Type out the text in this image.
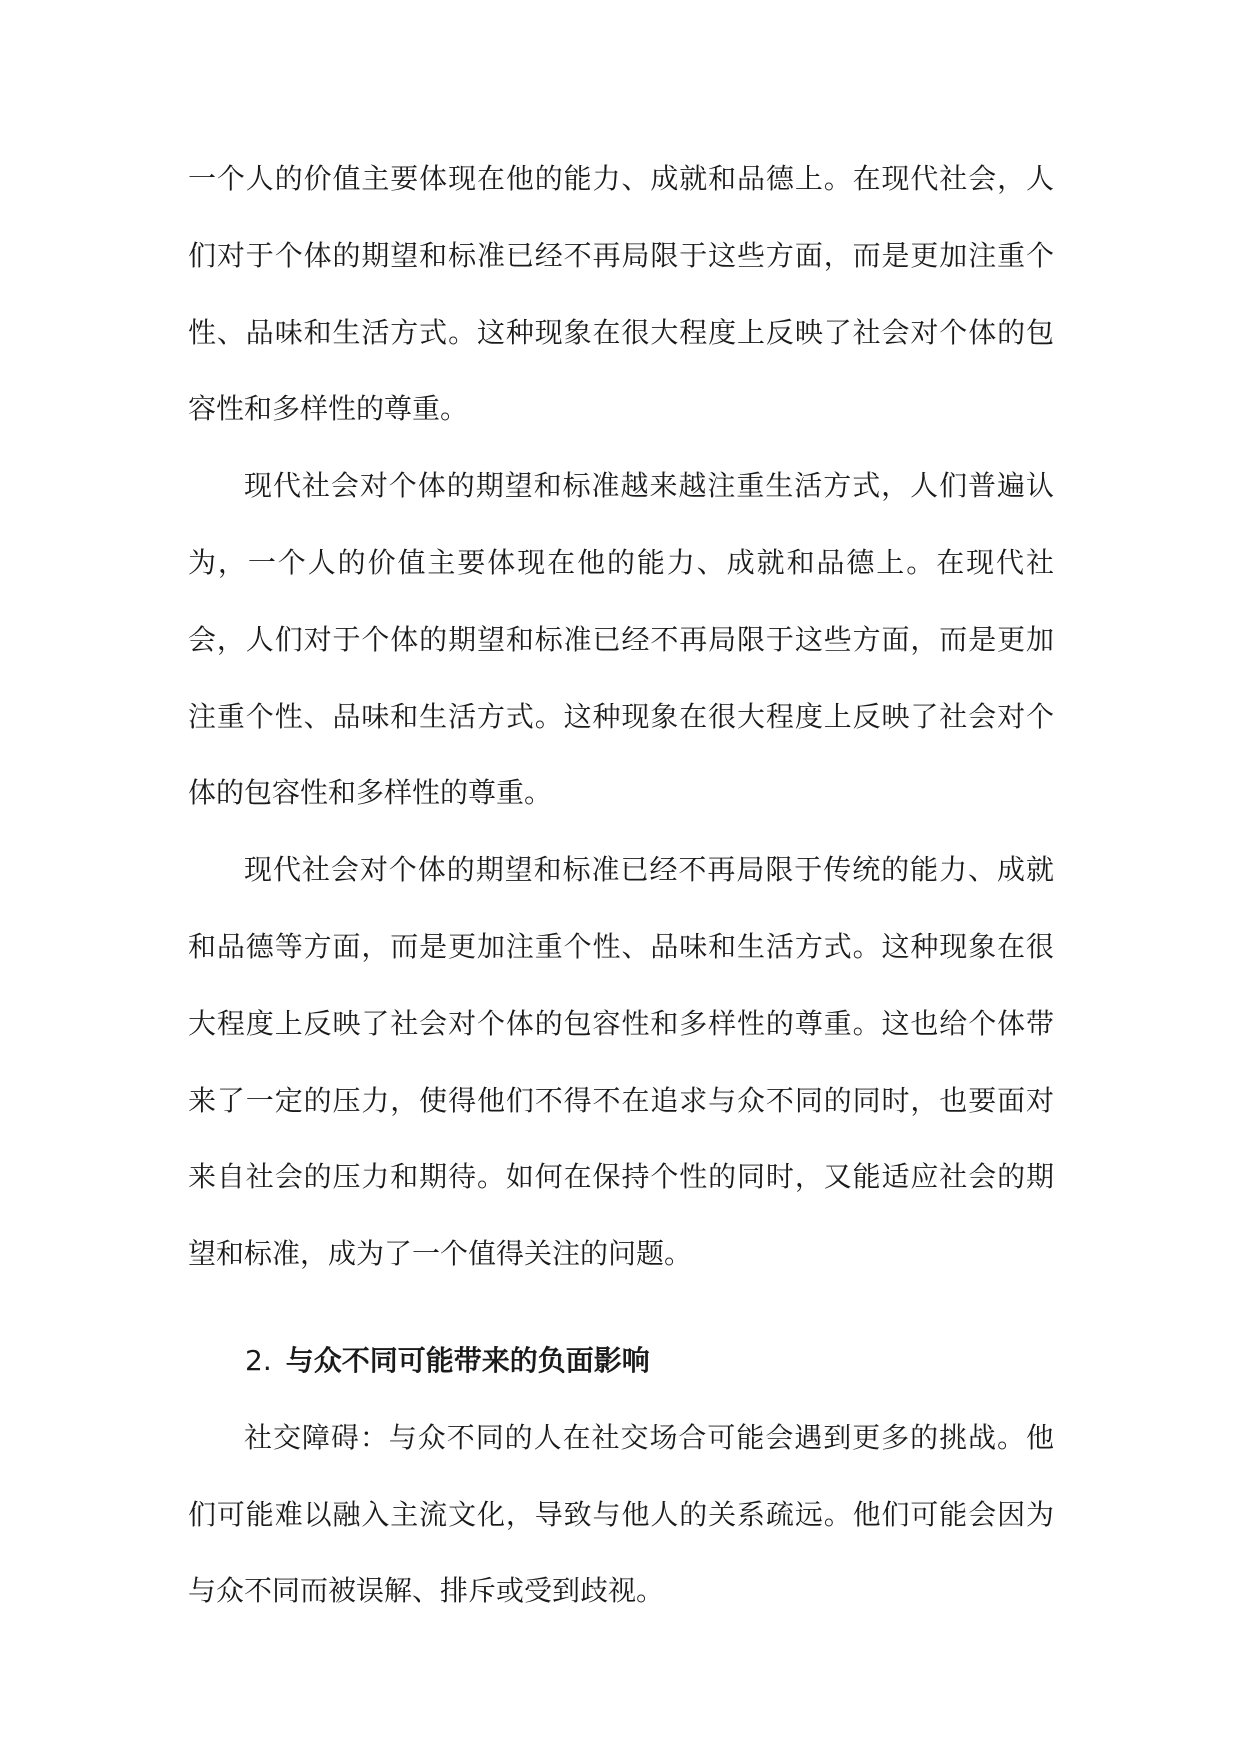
一个人的价值主要体现在他的能力、成就和品德上。在现代社会，人们对于个体的期望和标准已经不再局限于这些方面，而是更加注重个性、品味和生活方式。这种现象在很大程度上反映了社会对个体的包容性和多样性的尊重。

现代社会对个体的期望和标准越来越注重生活方式，人们普遍认为，一个人的价值主要体现在他的能力、成就和品德上。在现代社会，人们对于个体的期望和标准已经不再局限于这些方面，而是更加注重个性、品味和生活方式。这种现象在很大程度上反映了社会对个体的包容性和多样性的尊重。

现代社会对个体的期望和标准已经不再局限于传统的能力、成就和品德等方面，而是更加注重个性、品味和生活方式。这种现象在很大程度上反映了社会对个体的包容性和多样性的尊重。这也给个体带来了一定的压力，使得他们不得不在追求与众不同的同时，也要面对来自社会的压力和期待。如何在保持个性的同时，又能适应社会的期望和标准，成为了一个值得关注的问题。

2. 与众不同可能带来的负面影响

社交障碍：与众不同的人在社交场合可能会遇到更多的挑战。他们可能难以融入主流文化，导致与他人的关系疏远。他们可能会因为与众不同而被误解、排斥或受到歧视。
